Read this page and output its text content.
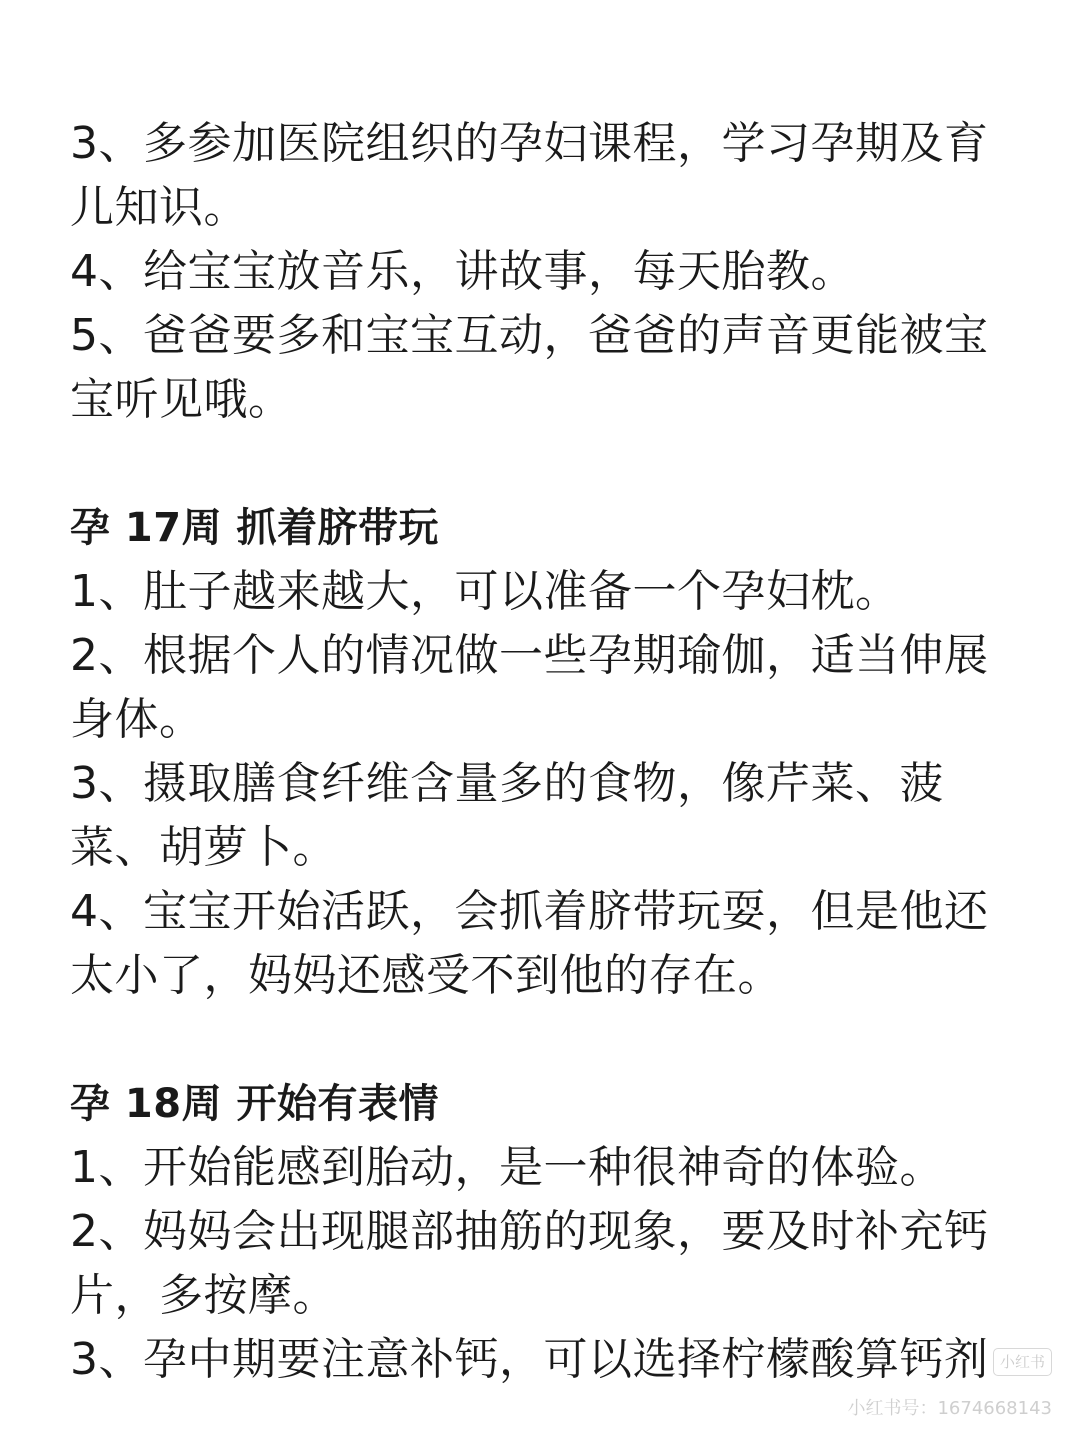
3、多参加医院组织的孕妇课程，学习孕期及育儿知识。

4、给宝宝放音乐，讲故事，每天胎教。

5、爸爸要多和宝宝互动，爸爸的声音更能被宝宝听见哦。

孕 17周 抓着脐带玩

1、肚子越来越大，可以准备一个孕妇枕。

2、根据个人的情况做一些孕期瑜伽，适当伸展身体。

3、摄取膳食纤维含量多的食物，像芹菜、菠菜、胡萝卜。

4、宝宝开始活跃，会抓着脐带玩耍，但是他还太小了，妈妈还感受不到他的存在。

孕 18周 开始有表情

1、开始能感到胎动，是一种很神奇的体验。

2、妈妈会出现腿部抽筋的现象，要及时补充钙片，多按摩。

3、孕中期要注意补钙，可以选择柠檬酸算钙剂 小红书
小红书号：1674668143
